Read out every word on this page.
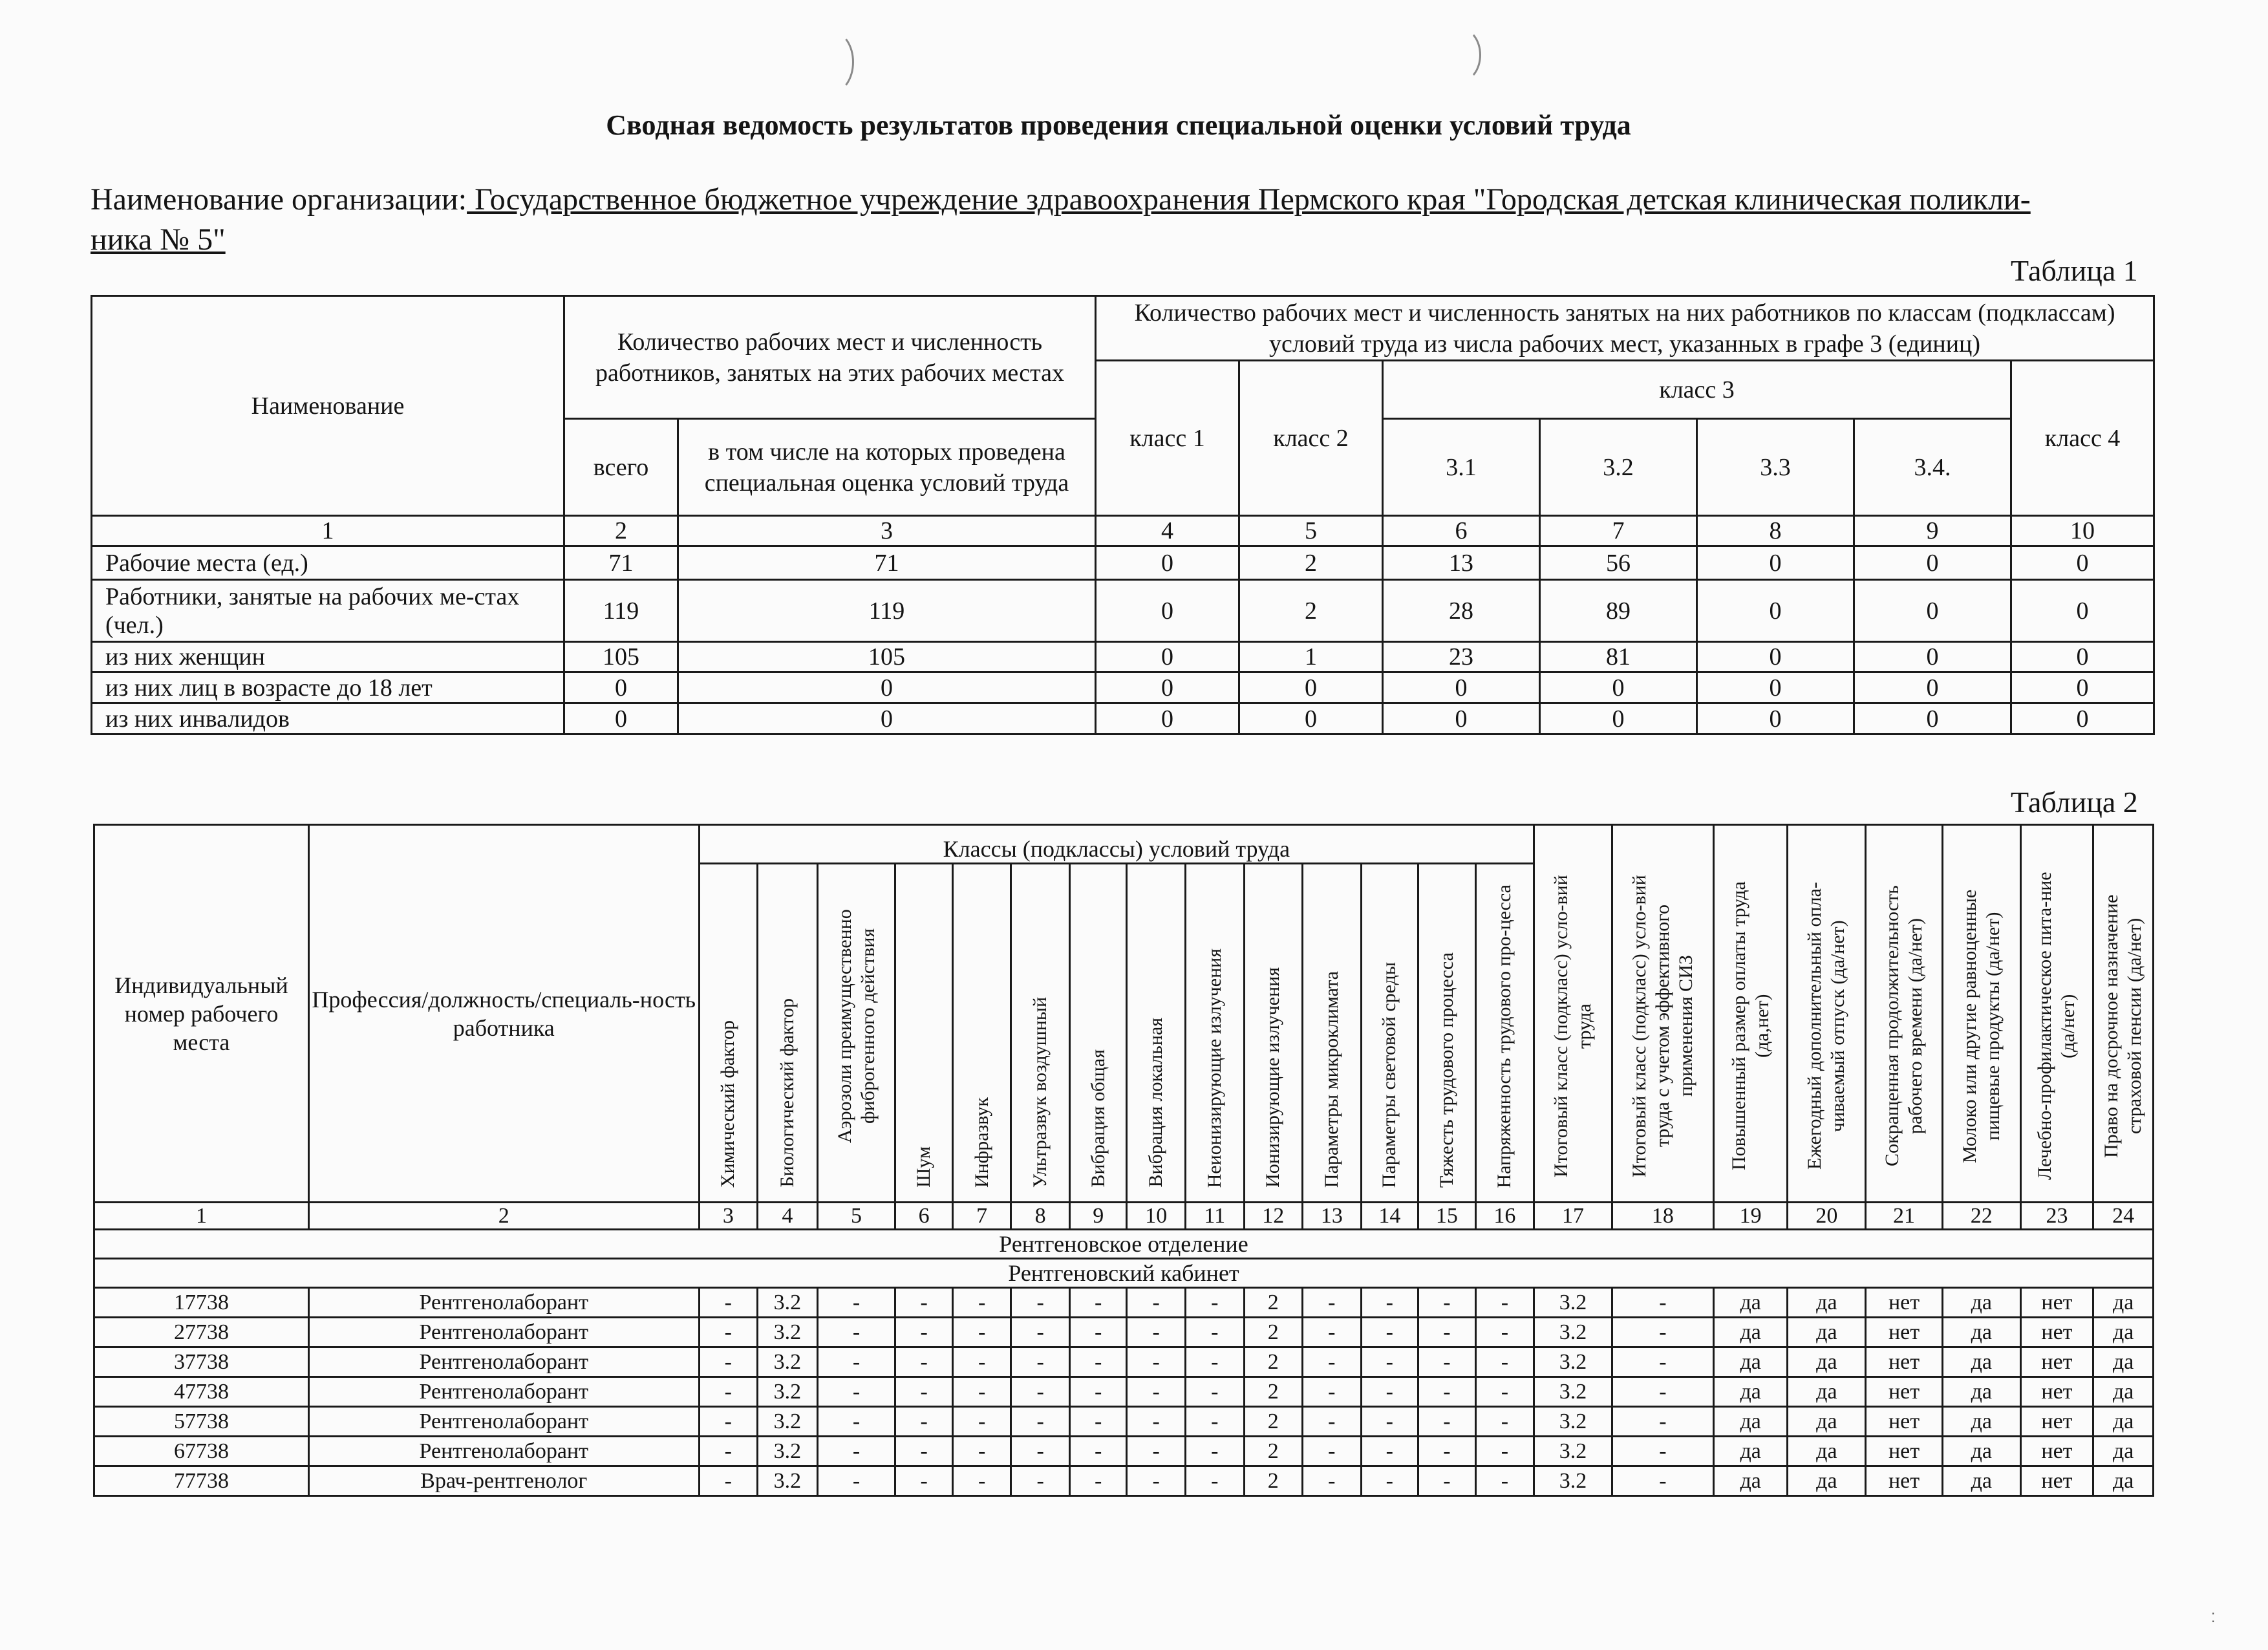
Сводная ведомость результатов проведения специальной оценки условий труда
Наименование организации: Государственное бюджетное учреждение здравоохранения Пермского края "Городская детская клиническая поликли-
ника № 5"
Таблица 1
Наименование	Количество рабочих мест и численность работников, занятых на этих рабочих местах		Количество рабочих мест и численность занятых на них работников по классам (подклассам) условий труда из числа рабочих мест, указанных в графе 3 (единиц)						
			класс 1	класс 2	класс 3				класс 4
	всего	в том числе на которых проведена специальная оценка условий труда			3.1	3.2	3.3	3.4.	
1	2	3	4	5	6	7	8	9	10
Рабочие места (ед.)	71	71	0	2	13	56	0	0	0
Работники, занятые на рабочих ме-стах (чел.)	119	119	0	2	28	89	0	0	0
из них женщин	105	105	0	1	23	81	0	0	0
из них лиц в возрасте до 18 лет	0	0	0	0	0	0	0	0	0
из них инвалидов	0	0	0	0	0	0	0	0	0
Таблица 2
Индивидуальный номер рабочего места	Профессия/должность/специаль-ность работника	Классы (подклассы) условий труда														Итоговый класс (подкласс) усло-вий труда	Итоговый класс (подкласс) усло-вий труда с учетом эффективного применения СИЗ	Повышенный размер оплаты труда (да,нет)	Ежегодный дополнительный опла-чиваемый отпуск (да/нет)	Сокращенная продолжительность рабочего времени (да/нет)	Молоко или другие равноценные пищевые продукты (да/нет)	Лечебно-профилактическое пита-ние (да/нет)	Право на досрочное назначение страховой пенсии (да/нет)
		Химический фактор	Биологический фактор	Аэрозоли преимущественно фиброгенного действия	Шум	Инфразвук	Ультразвук воздушный	Вибрация общая	Вибрация локальная	Неионизирующие излучения	Ионизирующие излучения	Параметры микроклимата	Параметры световой среды	Тяжесть трудового процесса	Напряженность трудового про-цесса								
1	2	3	4	5	6	7	8	9	10	11	12	13	14	15	16	17	18	19	20	21	22	23	24
Рентгеновское отделение																							
Рентгеновский кабинет																							
17738	Рентгенолаборант	-	3.2	-	-	-	-	-	-	-	2	-	-	-	-	3.2	-	да	да	нет	да	нет	да
27738	Рентгенолаборант	-	3.2	-	-	-	-	-	-	-	2	-	-	-	-	3.2	-	да	да	нет	да	нет	да
37738	Рентгенолаборант	-	3.2	-	-	-	-	-	-	-	2	-	-	-	-	3.2	-	да	да	нет	да	нет	да
47738	Рентгенолаборант	-	3.2	-	-	-	-	-	-	-	2	-	-	-	-	3.2	-	да	да	нет	да	нет	да
57738	Рентгенолаборант	-	3.2	-	-	-	-	-	-	-	2	-	-	-	-	3.2	-	да	да	нет	да	нет	да
67738	Рентгенолаборант	-	3.2	-	-	-	-	-	-	-	2	-	-	-	-	3.2	-	да	да	нет	да	нет	да
77738	Врач-рентгенолог	-	3.2	-	-	-	-	-	-	-	2	-	-	-	-	3.2	-	да	да	нет	да	нет	да
⁚
